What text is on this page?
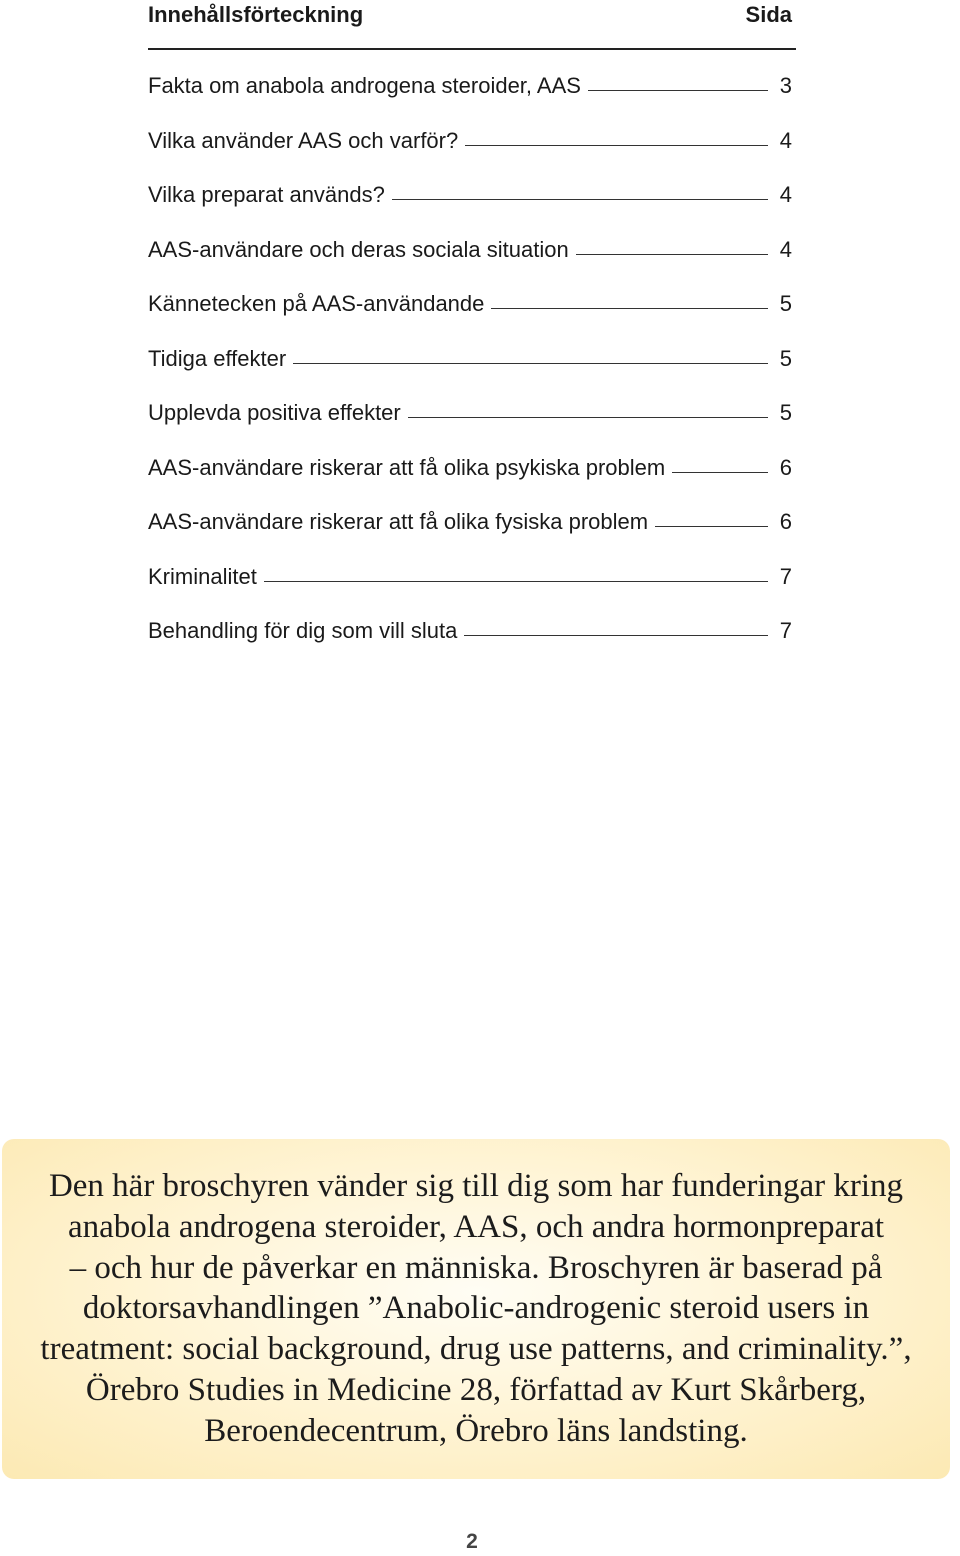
Innehållsförteckning	Sida
Fakta om anabola androgena steroider, AAS	3
Vilka använder AAS och varför?	4
Vilka preparat används?	4
AAS-användare och deras sociala situation	4
Kännetecken på AAS-användande	5
Tidiga effekter	5
Upplevda positiva effekter	5
AAS-användare riskerar att få olika psykiska problem	6
AAS-användare riskerar att få olika fysiska problem	6
Kriminalitet	7
Behandling för dig som vill sluta	7

Den här broschyren vänder sig till dig som har funderingar kring
anabola androgena steroider, AAS, och andra hormonpreparat
– och hur de påverkar en människa. Broschyren är baserad på
doktorsavhandlingen ”Anabolic-androgenic steroid users in
treatment: social background, drug use patterns, and criminality.”,
Örebro Studies in Medicine 28, författad av Kurt Skårberg,
Beroendecentrum, Örebro läns landsting.

2
